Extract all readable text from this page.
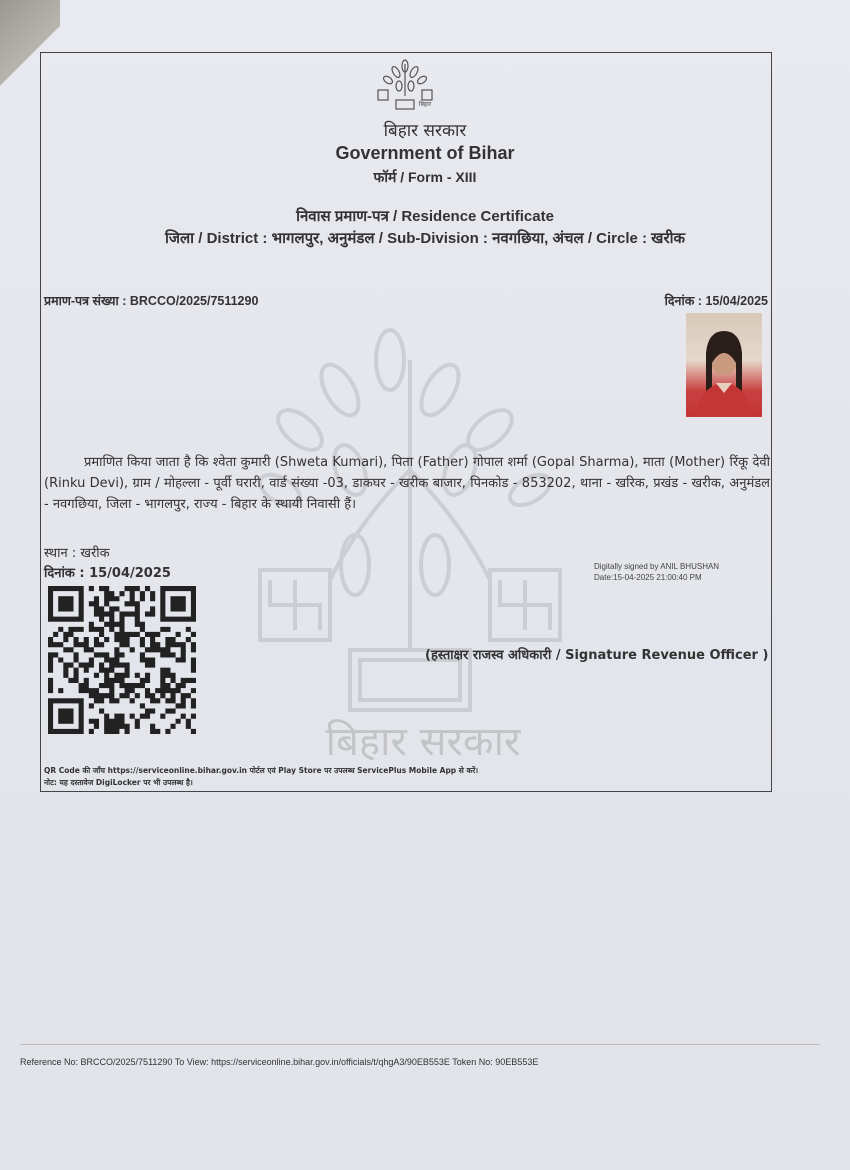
बिहार सरकार
बिहार
बिहार सरकार
Government of Bihar
फॉर्म / Form - XIII
निवास प्रमाण-पत्र / Residence Certificate
जिला / District : भागलपुर, अनुमंडल / Sub-Division : नवगछिया, अंचल / Circle : खरीक
प्रमाण-पत्र संख्या : BRCCO/2025/7511290	दिनांक : 15/04/2025
प्रमाणित किया जाता है कि श्वेता कुमारी (Shweta Kumari), पिता (Father) गोपाल शर्मा (Gopal Sharma), माता (Mother) रिंकू देवी (Rinku Devi), ग्राम / मोहल्ला - पूर्वी घरारी, वार्ड संख्या -03, डाकघर - खरीक बाजार, पिनकोड - 853202, थाना - खरिक, प्रखंड - खरीक, अनुमंडल - नवगछिया, जिला - भागलपुर, राज्य - बिहार के स्थायी निवासी हैं।
स्थान : खरीक
दिनांक : 15/04/2025	Digitally signed by ANIL BHUSHAN
Date:15-04-2025 21:00:40 PM
(हस्ताक्षर राजस्व अधिकारी / Signature Revenue Officer )
QR Code की जाँच https://serviceonline.bihar.gov.in पोर्टल एवं Play Store पर उपलब्ध ServicePlus Mobile App से करें।
नोट: यह दस्तावेज DigiLocker पर भी उपलब्ध है।
Reference No: BRCCO/2025/7511290 To View: https://serviceonline.bihar.gov.in/officials/t/qhgA3/90EB553E Token No: 90EB553E
